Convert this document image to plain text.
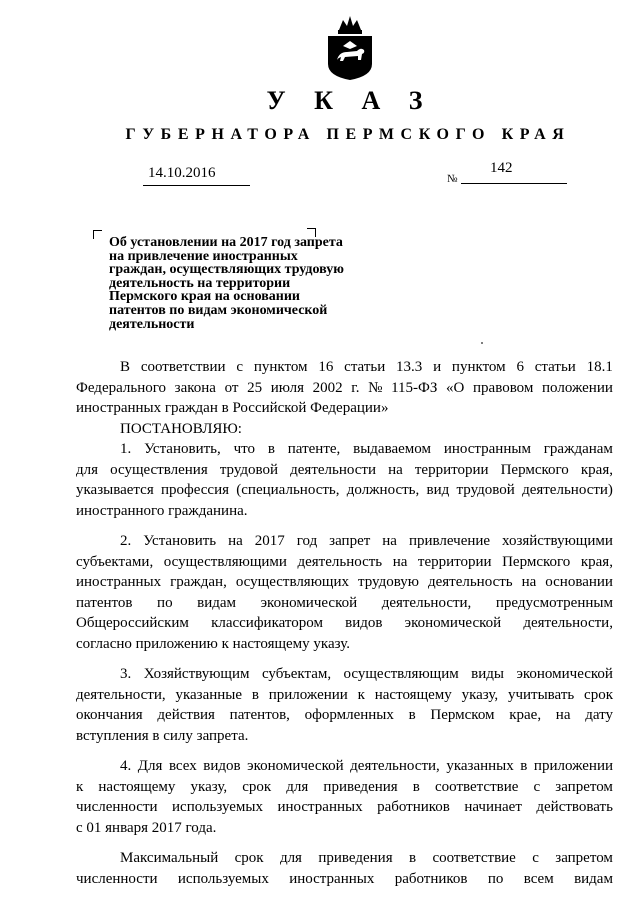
У К А З
ГУБЕРНАТОРА ПЕРМСКОГО КРАЯ
14.10.2016	№
142
Об установлении на 2017 год запрета
на привлечение иностранных
граждан, осуществляющих трудовую
деятельность на территории
Пермского края на основании
патентов по видам экономической
деятельности
В соответствии с пунктом 16 статьи 13.3 и пунктом 6 статьи 18.1
Федерального закона от 25 июля 2002 г. № 115-ФЗ «О правовом положении
иностранных граждан в Российской Федерации»
ПОСТАНОВЛЯЮ:
1. Установить, что в патенте, выдаваемом иностранным гражданам
для осуществления трудовой деятельности на территории Пермского края,
указывается профессия (специальность, должность, вид трудовой деятельности)
иностранного гражданина.
2. Установить на 2017 год запрет на привлечение хозяйствующими
субъектами, осуществляющими деятельность на территории Пермского края,
иностранных граждан, осуществляющих трудовую деятельность на основании
патентов по видам экономической деятельности, предусмотренным
Общероссийским классификатором видов экономической деятельности,
согласно приложению к настоящему указу.
3. Хозяйствующим субъектам, осуществляющим виды экономической
деятельности, указанные в приложении к настоящему указу, учитывать срок
окончания действия патентов, оформленных в Пермском крае, на дату
вступления в силу запрета.
4. Для всех видов экономической деятельности, указанных в приложении
к настоящему указу, срок для приведения в соответствие с запретом
численности используемых иностранных работников начинает действовать
с 01 января 2017 года.
Максимальный срок для приведения в соответствие с запретом
численности используемых иностранных работников по всем видам
